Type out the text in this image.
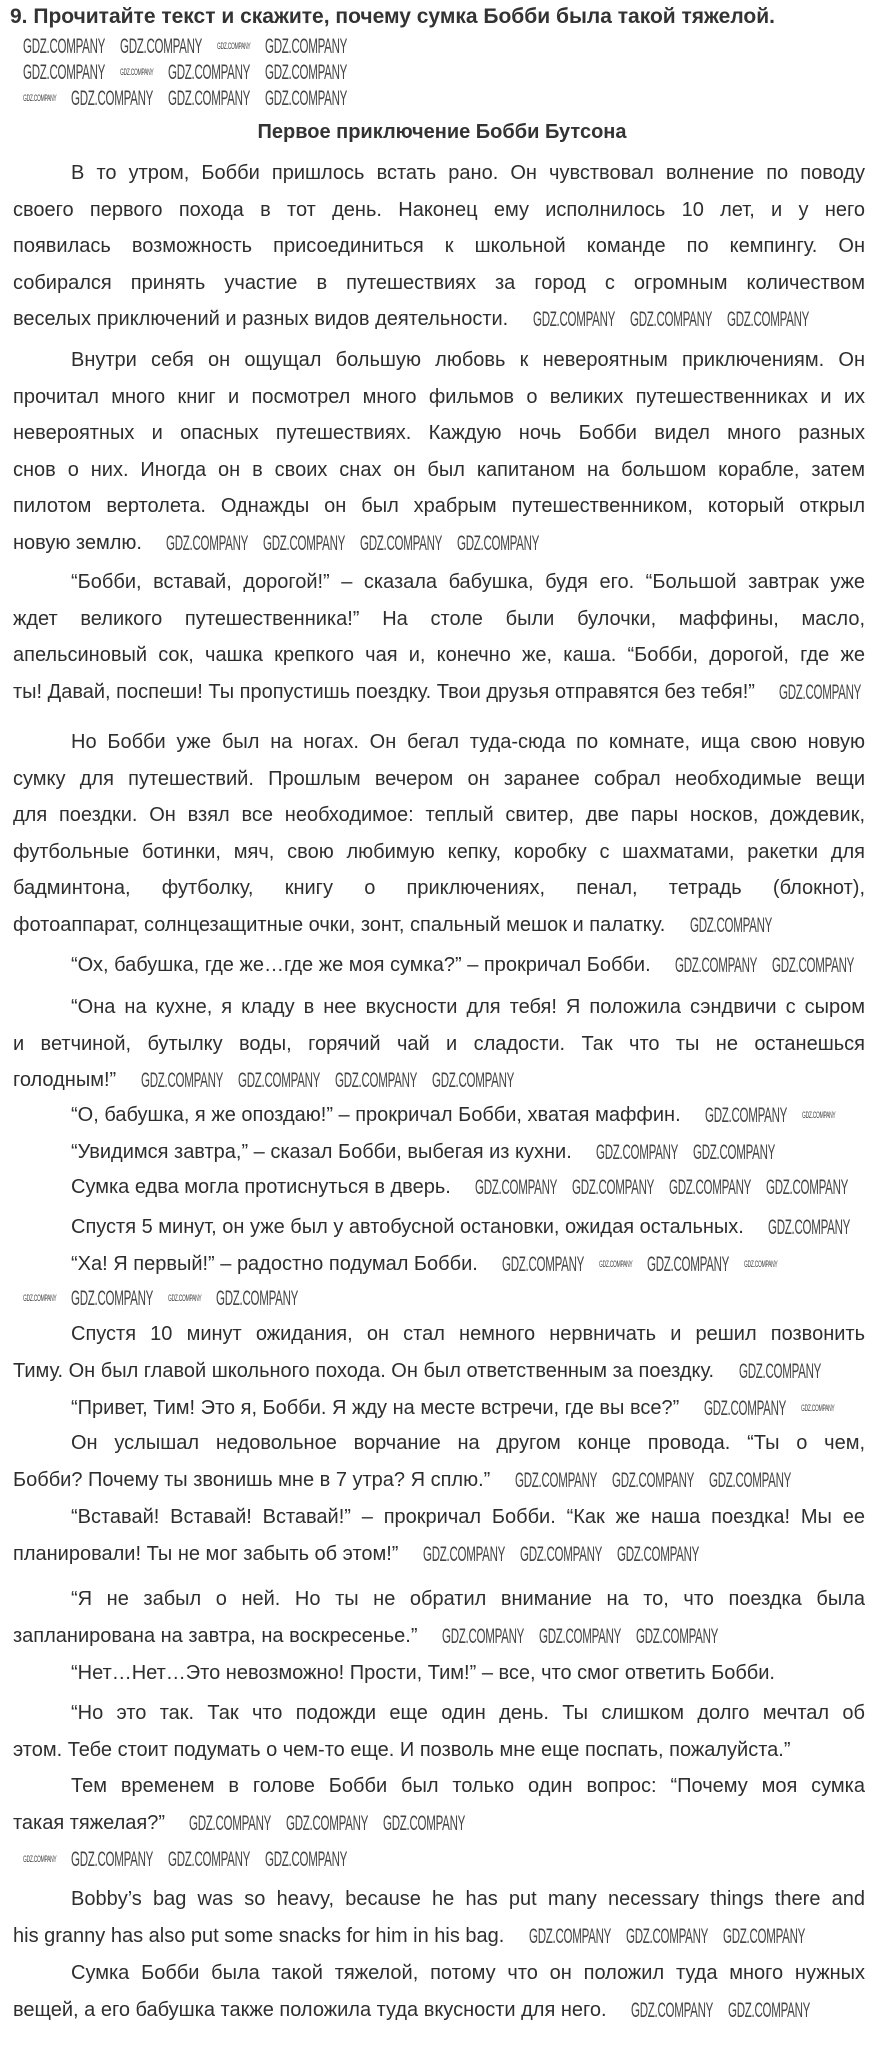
9. Прочитайте текст и скажите, почему сумка Бобби была такой тяжелой.
Первое приключение Бобби Бутсона
В то утром, Бобби пришлось встать рано. Он чувствовал волнение по поводу
своего первого похода в тот день. Наконец ему исполнилось 10 лет, и у него
появилась возможность присоединиться к школьной команде по кемпингу. Он
собирался принять участие в путешествиях за город с огромным количеством
веселых приключений и разных видов деятельности.
Внутри себя он ощущал большую любовь к невероятным приключениям. Он
прочитал много книг и посмотрел много фильмов о великих путешественниках и их
невероятных и опасных путешествиях. Каждую ночь Бобби видел много разных
снов о них. Иногда он в своих снах он был капитаном на большом корабле, затем
пилотом вертолета. Однажды он был храбрым путешественником, который открыл
новую землю.
“Бобби, вставай, дорогой!” – сказала бабушка, будя его. “Большой завтрак уже
ждет великого путешественника!” На столе были булочки, маффины, масло,
апельсиновый сок, чашка крепкого чая и, конечно же, каша. “Бобби, дорогой, где же
ты! Давай, поспеши! Ты пропустишь поездку. Твои друзья отправятся без тебя!”
Но Бобби уже был на ногах. Он бегал туда-сюда по комнате, ища свою новую
сумку для путешествий. Прошлым вечером он заранее собрал необходимые вещи
для поездки. Он взял все необходимое: теплый свитер, две пары носков, дождевик,
футбольные ботинки, мяч, свою любимую кепку, коробку с шахматами, ракетки для
бадминтона, футболку, книгу о приключениях, пенал, тетрадь (блокнот),
фотоаппарат, солнцезащитные очки, зонт, спальный мешок и палатку.
“Ох, бабушка, где же…где же моя сумка?” – прокричал Бобби.
“Она на кухне, я кладу в нее вкусности для тебя! Я положила сэндвичи с сыром
и ветчиной, бутылку воды, горячий чай и сладости. Так что ты не останешься
голодным!”
“О, бабушка, я же опоздаю!” – прокричал Бобби, хватая маффин.
“Увидимся завтра,” – сказал Бобби, выбегая из кухни.
Сумка едва могла протиснуться в дверь.
Спустя 5 минут, он уже был у автобусной остановки, ожидая остальных.
“Ха! Я первый!” – радостно подумал Бобби.
Спустя 10 минут ожидания, он стал немного нервничать и решил позвонить
Тиму. Он был главой школьного похода. Он был ответственным за поездку.
“Привет, Тим! Это я, Бобби. Я жду на месте встречи, где вы все?”
Он услышал недовольное ворчание на другом конце провода. “Ты о чем,
Бобби? Почему ты звонишь мне в 7 утра? Я сплю.”
“Вставай! Вставай! Вставай!” – прокричал Бобби. “Как же наша поездка! Мы ее
планировали! Ты не мог забыть об этом!”
“Я не забыл о ней. Но ты не обратил внимание на то, что поездка была
запланирована на завтра, на воскресенье.”
“Нет…Нет…Это невозможно! Прости, Тим!” – все, что смог ответить Бобби.
“Но это так. Так что подожди еще один день. Ты слишком долго мечтал об
этом. Тебе стоит подумать о чем-то еще. И позволь мне еще поспать, пожалуйста.”
Тем временем в голове Бобби был только один вопрос: “Почему моя сумка
такая тяжелая?”
Bobby’s bag was so heavy, because he has put many necessary things there and
his granny has also put some snacks for him in his bag.
Сумка Бобби была такой тяжелой, потому что он положил туда много нужных
вещей, а его бабушка также положила туда вкусности для него.
GDZ.COMPANY
GDZ.COMPANY
GDZ.COMPANY
GDZ.COMPANY
GDZ.COMPANY
GDZ.COMPANY
GDZ.COMPANY
GDZ.COMPANY
GDZ.COMPANY
GDZ.COMPANY
GDZ.COMPANY
GDZ.COMPANY
GDZ.COMPANY
GDZ.COMPANY
GDZ.COMPANY
GDZ.COMPANY
GDZ.COMPANY
GDZ.COMPANY
GDZ.COMPANY
GDZ.COMPANY
GDZ.COMPANY
GDZ.COMPANY
GDZ.COMPANY
GDZ.COMPANY
GDZ.COMPANY
GDZ.COMPANY
GDZ.COMPANY
GDZ.COMPANY
GDZ.COMPANY
GDZ.COMPANY
GDZ.COMPANY
GDZ.COMPANY
GDZ.COMPANY
GDZ.COMPANY
GDZ.COMPANY
GDZ.COMPANY
GDZ.COMPANY
GDZ.COMPANY
GDZ.COMPANY
GDZ.COMPANY
GDZ.COMPANY
GDZ.COMPANY
GDZ.COMPANY
GDZ.COMPANY
GDZ.COMPANY
GDZ.COMPANY
GDZ.COMPANY
GDZ.COMPANY
GDZ.COMPANY
GDZ.COMPANY
GDZ.COMPANY
GDZ.COMPANY
GDZ.COMPANY
GDZ.COMPANY
GDZ.COMPANY
GDZ.COMPANY
GDZ.COMPANY
GDZ.COMPANY
GDZ.COMPANY
GDZ.COMPANY
GDZ.COMPANY
GDZ.COMPANY
GDZ.COMPANY
GDZ.COMPANY
GDZ.COMPANY
GDZ.COMPANY
GDZ.COMPANY
GDZ.COMPANY
